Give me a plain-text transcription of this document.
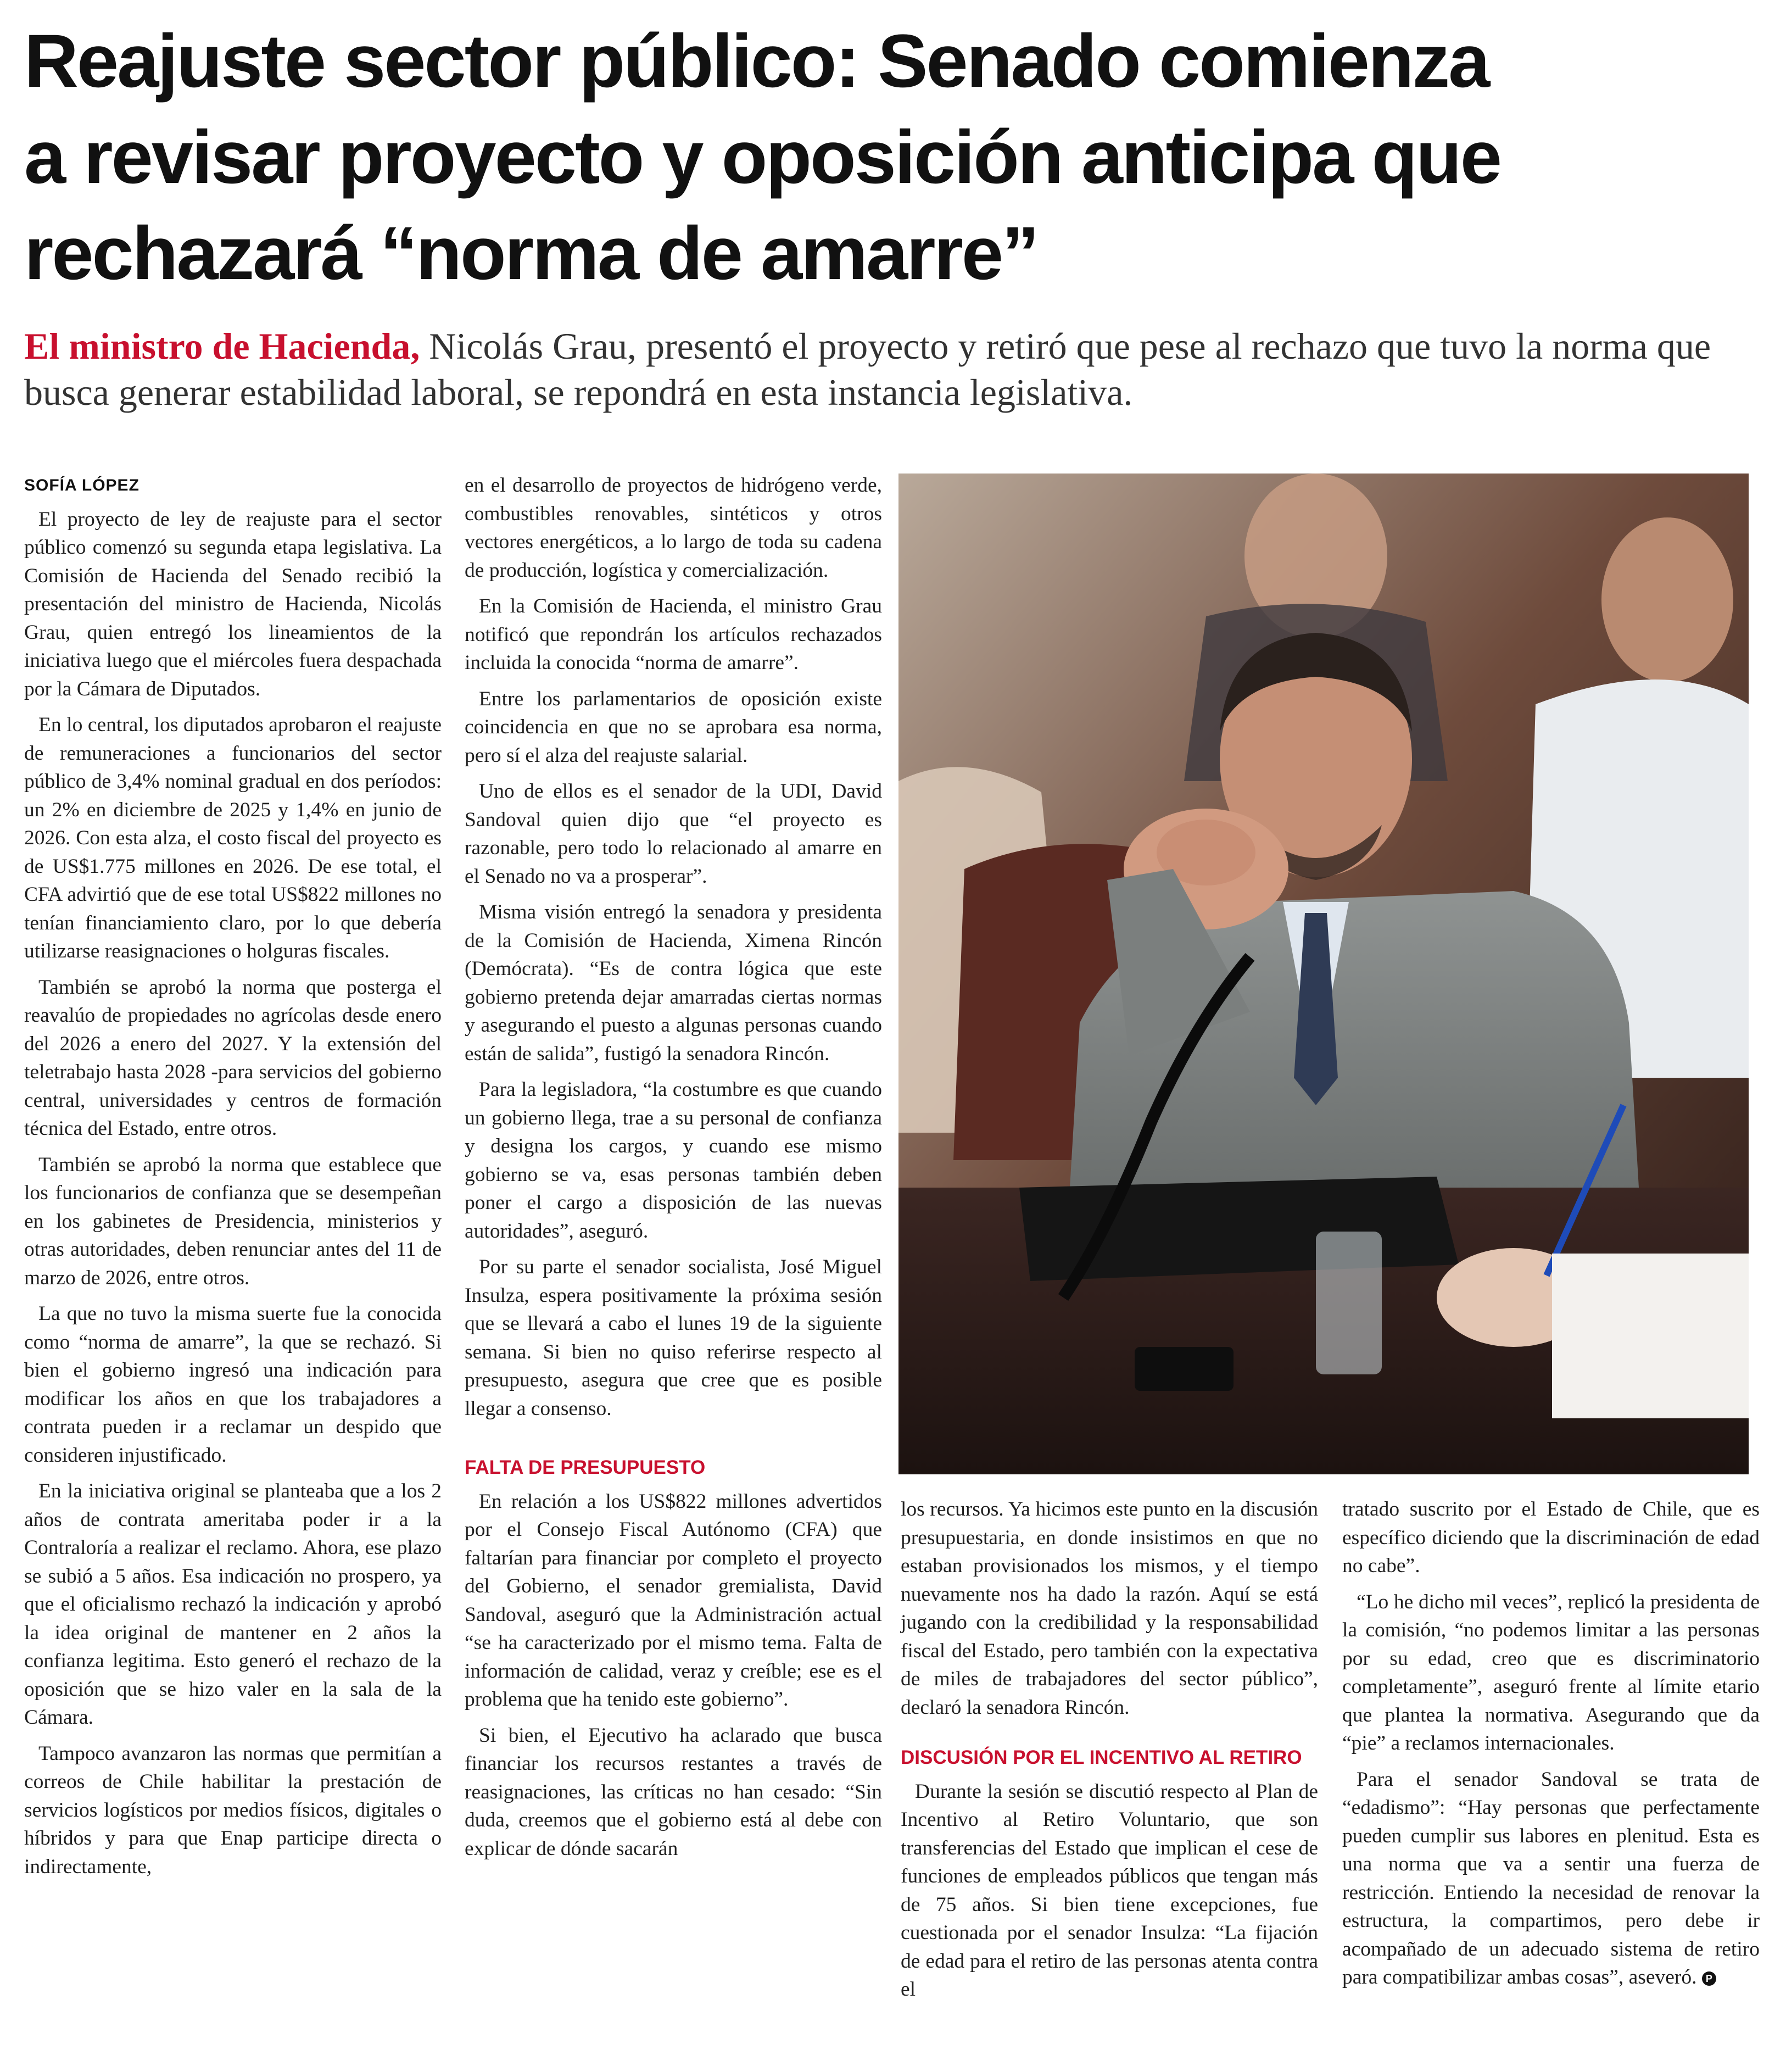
Reajuste sector público: Senado comienza
a revisar proyecto y oposición anticipa que
rechazará “norma de amarre”
El ministro de Hacienda, Nicolás Grau, presentó el proyecto y retiró que pese al rechazo que tuvo la norma que busca generar estabilidad laboral, se repondrá en esta instancia legislativa.
SOFÍA LÓPEZ

El proyecto de ley de reajuste para el sector público comenzó su segunda etapa legislativa. La Comisión de Hacienda del Senado recibió la presentación del ministro de Hacienda, Nicolás Grau, quien entregó los lineamientos de la iniciativa luego que el miércoles fuera despachada por la Cámara de Diputados.

En lo central, los diputados aprobaron el reajuste de remuneraciones a funcionarios del sector público de 3,4% nominal gradual en dos períodos: un 2% en diciembre de 2025 y 1,4% en junio de 2026. Con esta alza, el costo fiscal del proyecto es de US$1.775 millones en 2026. De ese total, el CFA advirtió que de ese total US$822 millones no tenían financiamiento claro, por lo que debería utilizarse reasignaciones o holguras fiscales.

También se aprobó la norma que posterga el reavalúo de propiedades no agrícolas desde enero del 2026 a enero del 2027. Y la extensión del teletrabajo hasta 2028 -para servicios del gobierno central, universidades y centros de formación técnica del Estado, entre otros.

También se aprobó la norma que establece que los funcionarios de confianza que se desempeñan en los gabinetes de Presidencia, ministerios y otras autoridades, deben renunciar antes del 11 de marzo de 2026, entre otros.

La que no tuvo la misma suerte fue la conocida como “norma de amarre”, la que se rechazó. Si bien el gobierno ingresó una indicación para modificar los años en que los trabajadores a contrata pueden ir a reclamar un despido que consideren injustificado.

En la iniciativa original se planteaba que a los 2 años de contrata ameritaba poder ir a la Contraloría a realizar el reclamo. Ahora, ese plazo se subió a 5 años. Esa indicación no prospero, ya que el oficialismo rechazó la indicación y aprobó la idea original de mantener en 2 años la confianza legitima. Esto generó el rechazo de la oposición que se hizo valer en la sala de la Cámara.

Tampoco avanzaron las normas que permitían a correos de Chile habilitar la prestación de servicios logísticos por medios físicos, digitales o híbridos y para que Enap participe directa o indirectamente,

en el desarrollo de proyectos de hidrógeno verde, combustibles renovables, sintéticos y otros vectores energéticos, a lo largo de toda su cadena de producción, logística y comercialización.

En la Comisión de Hacienda, el ministro Grau notificó que repondrán los artículos rechazados incluida la conocida “norma de amarre”.

Entre los parlamentarios de oposición existe coincidencia en que no se aprobara esa norma, pero sí el alza del reajuste salarial.

Uno de ellos es el senador de la UDI, David Sandoval quien dijo que “el proyecto es razonable, pero todo lo relacionado al amarre en el Senado no va a prosperar”.

Misma visión entregó la senadora y presidenta de la Comisión de Hacienda, Ximena Rincón (Demócrata). “Es de contra lógica que este gobierno pretenda dejar amarradas ciertas normas y asegurando el puesto a algunas personas cuando están de salida”, fustigó la senadora Rincón.

Para la legisladora, “la costumbre es que cuando un gobierno llega, trae a su personal de confianza y designa los cargos, y cuando ese mismo gobierno se va, esas personas también deben poner el cargo a disposición de las nuevas autoridades”, aseguró.

Por su parte el senador socialista, José Miguel Insulza, espera positivamente la próxima sesión que se llevará a cabo el lunes 19 de la siguiente semana. Si bien no quiso referirse respecto al presupuesto, asegura que cree que es posible llegar a consenso.

FALTA DE PRESUPUESTO

En relación a los US$822 millones advertidos por el Consejo Fiscal Autónomo (CFA) que faltarían para financiar por completo el proyecto del Gobierno, el senador gremialista, David Sandoval, aseguró que la Administración actual “se ha caracterizado por el mismo tema. Falta de información de calidad, veraz y creíble; ese es el problema que ha tenido este gobierno”.

Si bien, el Ejecutivo ha aclarado que busca financiar los recursos restantes a través de reasignaciones, las críticas no han cesado: “Sin duda, creemos que el gobierno está al debe con explicar de dónde sacarán

los recursos. Ya hicimos este punto en la discusión presupuestaria, en donde insistimos en que no estaban provisionados los mismos, y el tiempo nuevamente nos ha dado la razón. Aquí se está jugando con la credibilidad y la responsabilidad fiscal del Estado, pero también con la expectativa de miles de trabajadores del sector público”, declaró la senadora Rincón.

DISCUSIÓN POR EL INCENTIVO AL RETIRO

Durante la sesión se discutió respecto al Plan de Incentivo al Retiro Voluntario, que son transferencias del Estado que implican el cese de funciones de empleados públicos que tengan más de 75 años. Si bien tiene excepciones, fue cuestionada por el senador Insulza: “La fijación de edad para el retiro de las personas atenta contra el

tratado suscrito por el Estado de Chile, que es específico diciendo que la discriminación de edad no cabe”.

“Lo he dicho mil veces”, replicó la presidenta de la comisión, “no podemos limitar a las personas por su edad, creo que es discriminatorio completamente”, aseguró frente al límite etario que plantea la normativa. Asegurando que da “pie” a reclamos internacionales.

Para el senador Sandoval se trata de “edadismo”: “Hay personas que perfectamente pueden cumplir sus labores en plenitud. Esta es una norma que va a sentir una fuerza de restricción. Entiendo la necesidad de renovar la estructura, la compartimos, pero debe ir acompañado de un adecuado sistema de retiro para compatibilizar ambas cosas”, aseveró. P
